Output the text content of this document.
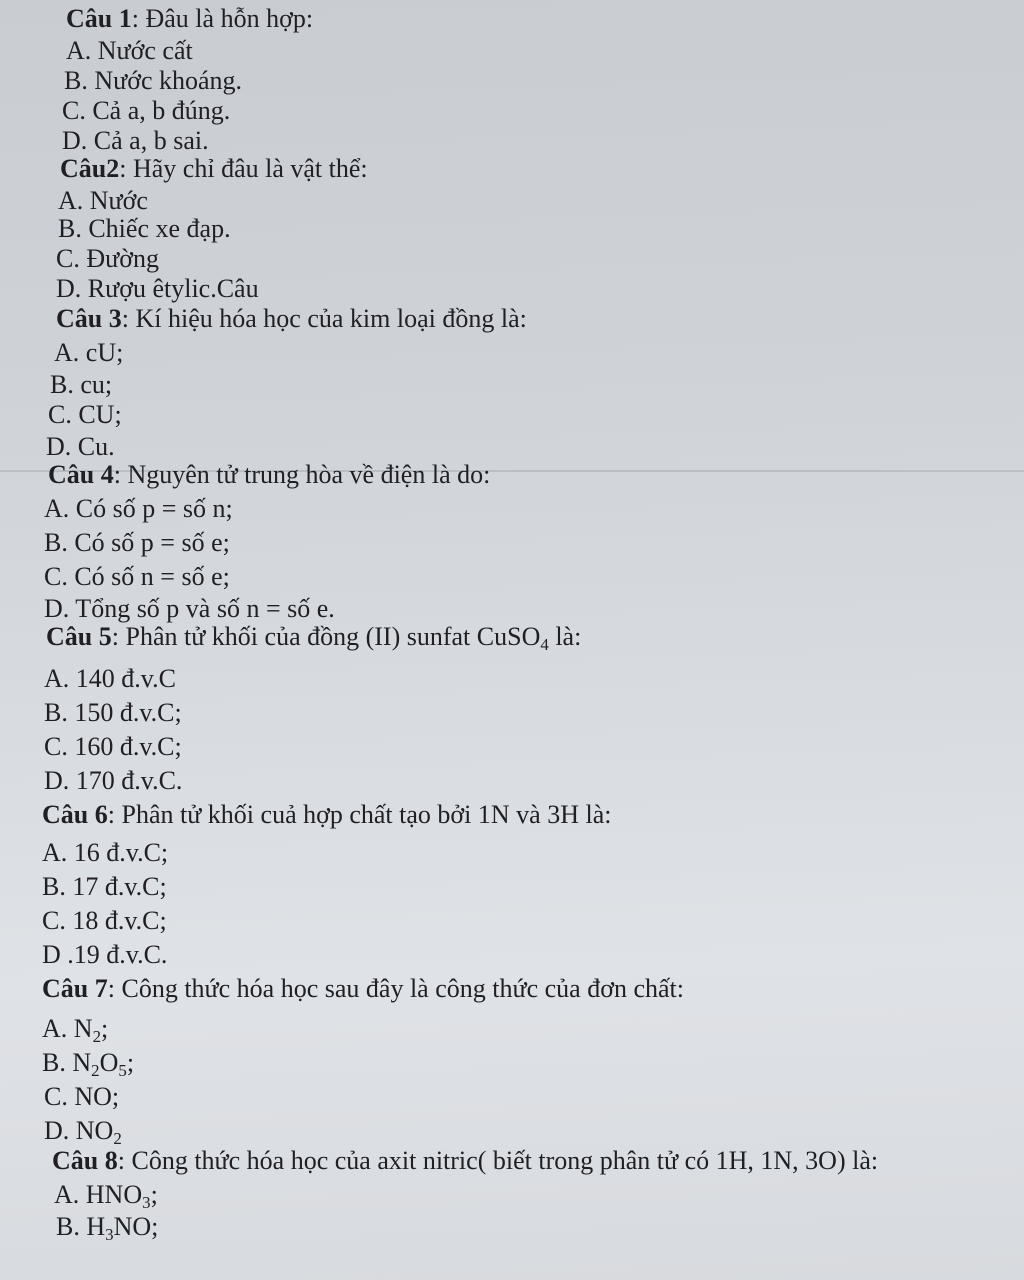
Câu 1: Đâu là hỗn hợp:
A. Nước cất
B. Nước khoáng.
C. Cả a, b đúng.
D. Cả a, b sai.
Câu2: Hãy chỉ đâu là vật thể:
A. Nước
B. Chiếc xe đạp.
C. Đường
D. Rượu êtylic.Câu
Câu 3: Kí hiệu hóa học của kim loại đồng là:
A. cU;
B. cu;
C. CU;
D. Cu.
Câu 4: Nguyên tử trung hòa về điện là do:
A. Có số p = số n;
B. Có số p = số e;
C. Có số n = số e;
D. Tổng số p và số n = số e.
Câu 5: Phân tử khối của đồng (II) sunfat CuSO$_4$ là:
A. 140 đ.v.C
B. 150 đ.v.C;
C. 160 đ.v.C;
D. 170 đ.v.C.
Câu 6: Phân tử khối cuả hợp chất tạo bởi 1N và 3H là:
A. 16 đ.v.C;
B. 17 đ.v.C;
C. 18 đ.v.C;
D .19 đ.v.C.
Câu 7: Công thức hóa học sau đây là công thức của đơn chất:
A. $N_2$;
B. $N_2O_5$;
C. NO;
D. $NO_2$
Câu 8: Công thức hóa học của axit nitric( biết trong phân tử có 1H, 1N, 3O) là:
A. $HNO_3$;
B. $H_3NO$;
